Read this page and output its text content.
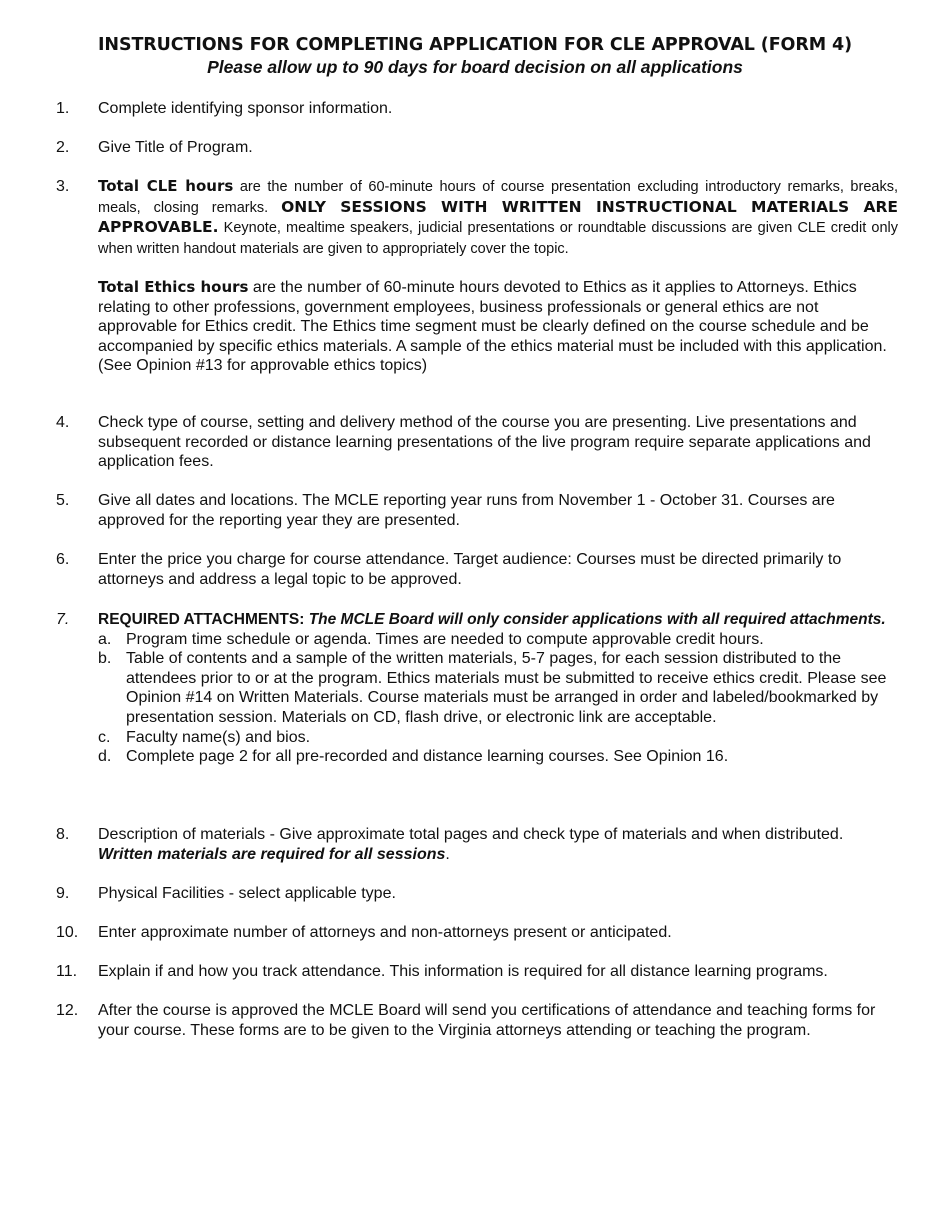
INSTRUCTIONS FOR COMPLETING APPLICATION FOR CLE APPROVAL (FORM 4)

Please allow up to 90 days for board decision on all applications

1. Complete identifying sponsor information.

2. Give Title of Program.

3. Total CLE hours are the number of 60-minute hours of course presentation excluding introductory remarks, breaks, meals, closing remarks. ONLY SESSIONS WITH WRITTEN INSTRUCTIONAL MATERIALS ARE APPROVABLE. Keynote, mealtime speakers, judicial presentations or roundtable discussions are given CLE credit only when written handout materials are given to appropriately cover the topic.

Total Ethics hours are the number of 60-minute hours devoted to Ethics as it applies to Attorneys. Ethics relating to other professions, government employees, business professionals or general ethics are not approvable for Ethics credit. The Ethics time segment must be clearly defined on the course schedule and be accompanied by specific ethics materials. A sample of the ethics material must be included with this application. (See Opinion #13 for approvable ethics topics)

4. Check type of course, setting and delivery method of the course you are presenting. Live presentations and subsequent recorded or distance learning presentations of the live program require separate applications and application fees.

5. Give all dates and locations. The MCLE reporting year runs from November 1 - October 31. Courses are approved for the reporting year they are presented.

6. Enter the price you charge for course attendance. Target audience: Courses must be directed primarily to attorneys and address a legal topic to be approved.

7. REQUIRED ATTACHMENTS: The MCLE Board will only consider applications with all required attachments.

a. Program time schedule or agenda. Times are needed to compute approvable credit hours.
b. Table of contents and a sample of the written materials, 5-7 pages, for each session distributed to the attendees prior to or at the program. Ethics materials must be submitted to receive ethics credit. Please see Opinion #14 on Written Materials. Course materials must be arranged in order and labeled/bookmarked by presentation session. Materials on CD, flash drive, or electronic link are acceptable.
c. Faculty name(s) and bios.
d. Complete page 2 for all pre-recorded and distance learning courses. See Opinion 16.
8. Description of materials - Give approximate total pages and check type of materials and when distributed. Written materials are required for all sessions.

9. Physical Facilities - select applicable type.

10. Enter approximate number of attorneys and non-attorneys present or anticipated.

11. Explain if and how you track attendance. This information is required for all distance learning programs.

12. After the course is approved the MCLE Board will send you certifications of attendance and teaching forms for your course. These forms are to be given to the Virginia attorneys attending or teaching the program.
